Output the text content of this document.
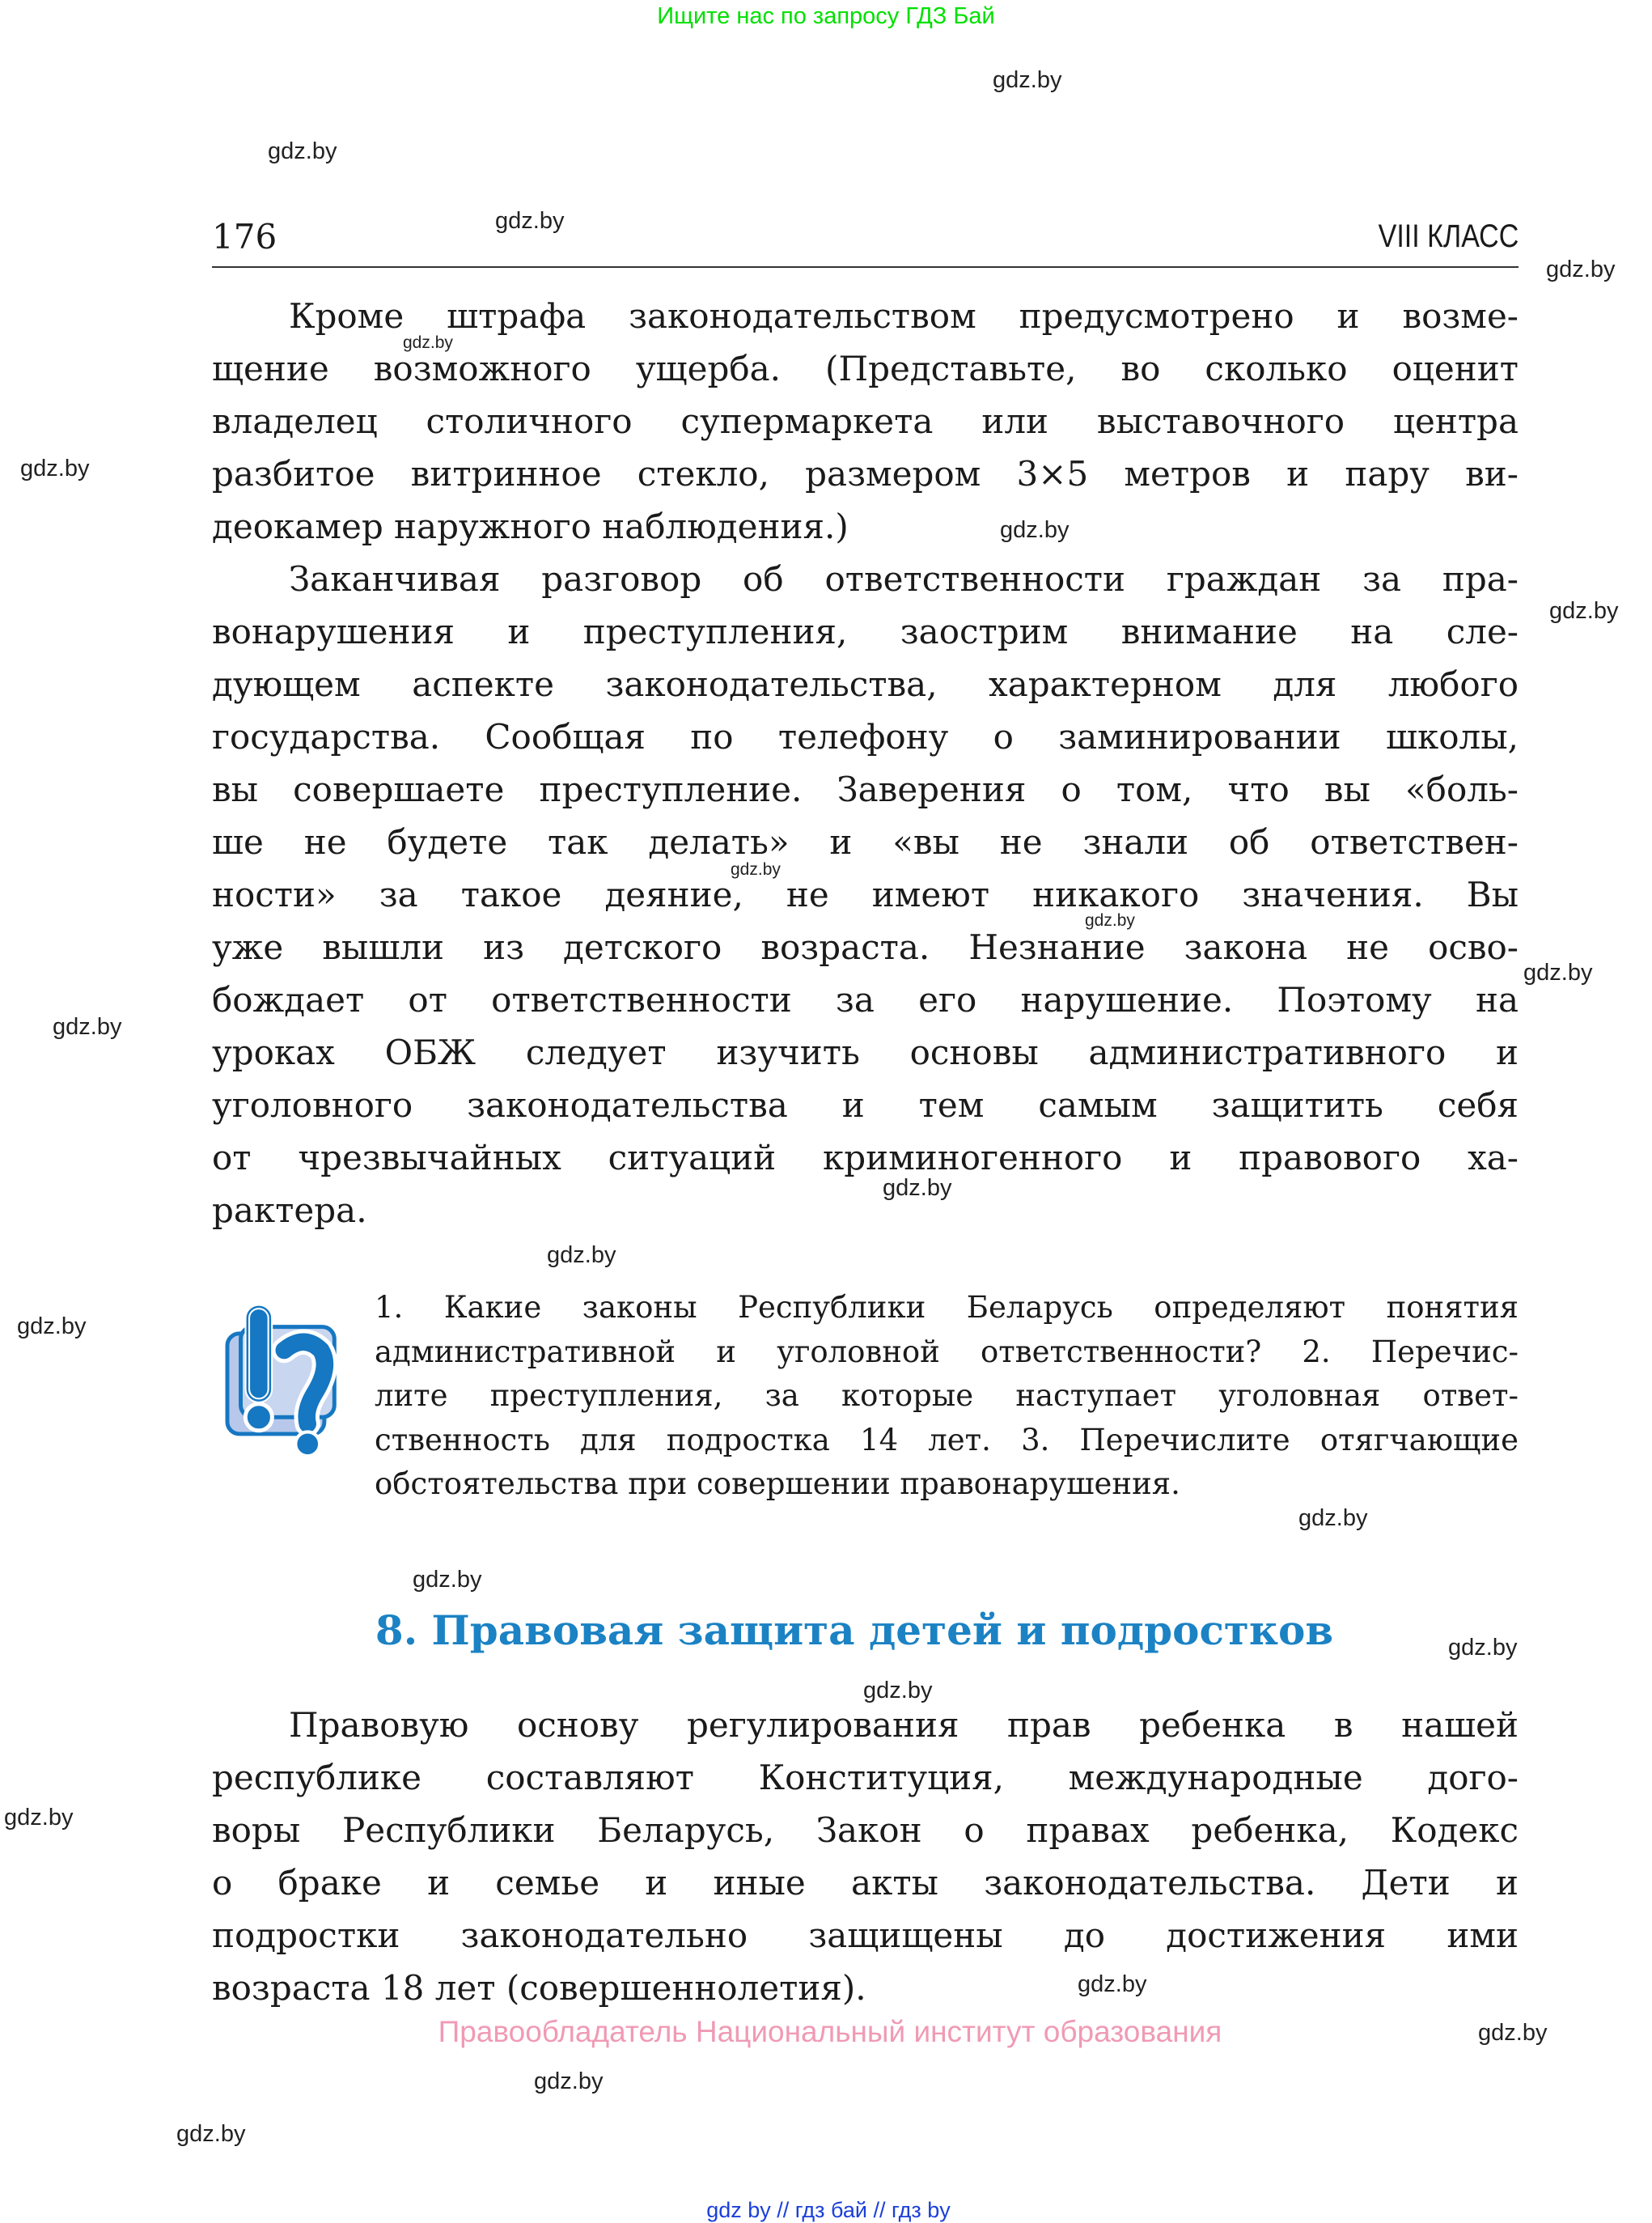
Ищите нас по запросу ГДЗ Бай
gdz.by
gdz.by
gdz.by
gdz.by
gdz.by
gdz.by
gdz.by
gdz.by
gdz.by
gdz.by
gdz.by
gdz.by
gdz.by
gdz.by
gdz.by
gdz.by
gdz.by
gdz.by
gdz.by
gdz.by
gdz.by
gdz.by
gdz.by
gdz.by
176	VIII КЛАСС
Кроме штрафа законодательством предусмотрено и возме-
щение возможного ущерба. (Представьте, во сколько оценит
владелец столичного супермаркета или выставочного центра
разбитое витринное стекло, размером 3×5 метров и пару ви-
деокамер наружного наблюдения.)
Заканчивая разговор об ответственности граждан за пра-
вонарушения и преступления, заострим внимание на сле-
дующем аспекте законодательства, характерном для любого
государства. Сообщая по телефону о заминировании школы,
вы совершаете преступление. Заверения о том, что вы «боль-
ше не будете так делать» и «вы не знали об ответствен-
ности» за такое деяние, не имеют никакого значения. Вы
уже вышли из детского возраста. Незнание закона не осво-
бождает от ответственности за его нарушение. Поэтому на
уроках ОБЖ следует изучить основы административного и
уголовного законодательства и тем самым защитить себя
от чрезвычайных ситуаций криминогенного и правового ха-
рактера.
1. Какие законы Республики Беларусь определяют понятия
административной и уголовной ответственности? 2. Перечис-
лите преступления, за которые наступает уголовная ответ-
ственность для подростка 14 лет. 3. Перечислите отягчающие
обстоятельства при совершении правонарушения.
8. Правовая защита детей и подростков
Правовую основу регулирования прав ребенка в нашей
республике составляют Конституция, международные дого-
воры Республики Беларусь, Закон о правах ребенка, Кодекс
о браке и семье и иные акты законодательства. Дети и
подростки законодательно защищены до достижения ими
возраста 18 лет (совершеннолетия).
Правообладатель Национальный институт образования
gdz by // гдз бай // гдз by
